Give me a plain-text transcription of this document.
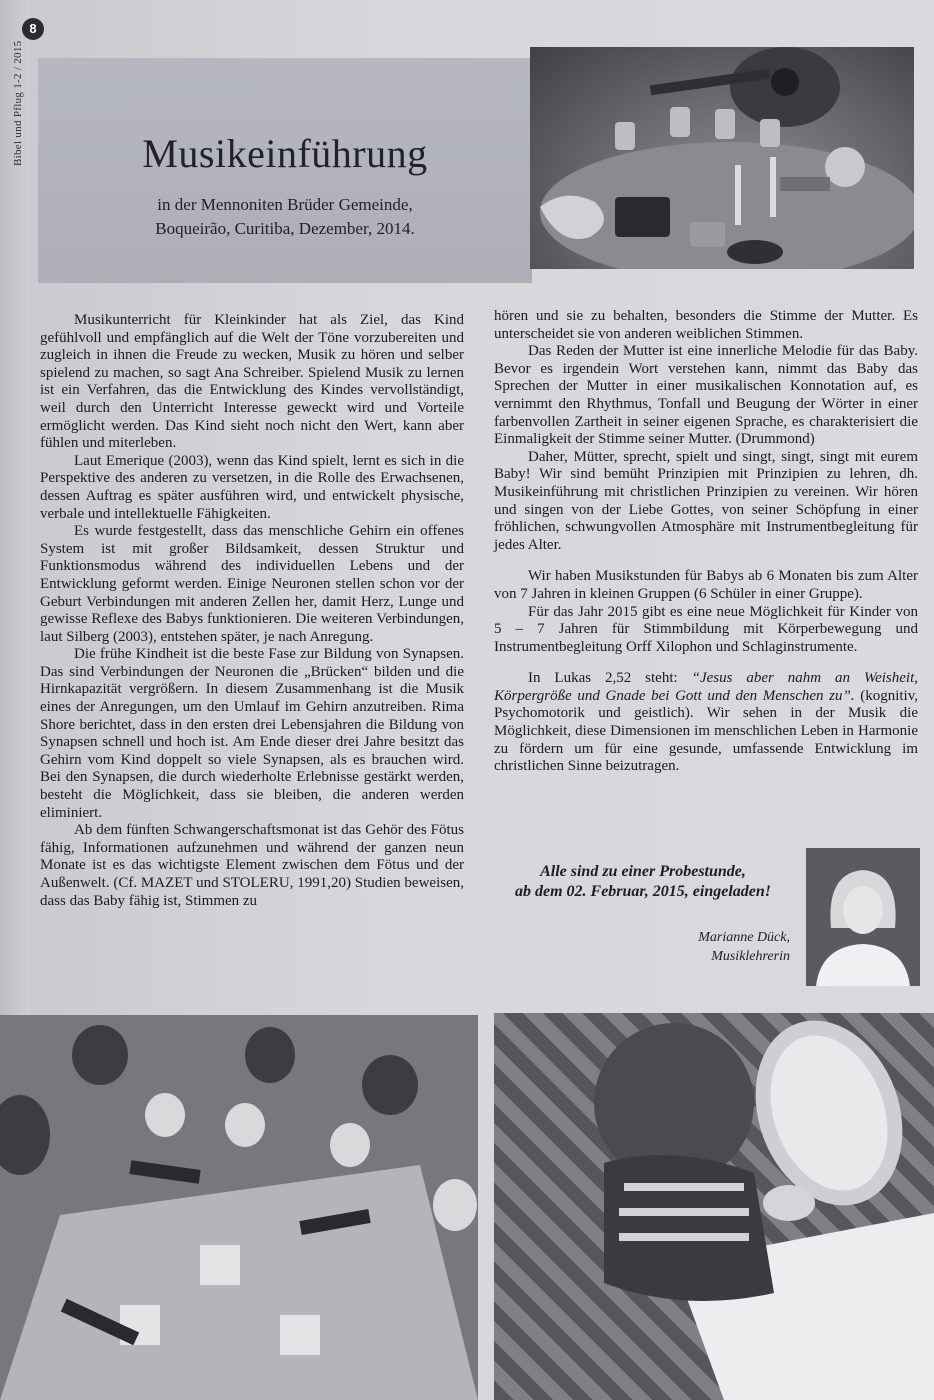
Bibel und Pflug 1-2 / 2015
8
Musikeinführung
in der Mennoniten Brüder Gemeinde,
Boqueirão, Curitiba, Dezember, 2014.

Musikunterricht für Kleinkinder hat als Ziel, das Kind gefühlvoll und empfänglich auf die Welt der Töne vorzubereiten und zugleich in ihnen die Freude zu wecken, Musik zu hören und selber spielend zu machen, so sagt Ana Schreiber. Spielend Musik zu lernen ist ein Verfahren, das die Entwicklung des Kindes vervollständigt, weil durch den Unterricht Interesse geweckt wird und Vorteile ermöglicht werden. Das Kind sieht noch nicht den Wert, kann aber fühlen und miterleben.

Laut Emerique (2003), wenn das Kind spielt, lernt es sich in die Perspektive des anderen zu versetzen, in die Rolle des Erwachsenen, dessen Auftrag es später ausführen wird, und entwickelt physische, verbale und intellektuelle Fähigkeiten.

Es wurde festgestellt, dass das menschliche Gehirn ein offenes System ist mit großer Bildsamkeit, dessen Struktur und Funktionsmodus während des individuellen Lebens und der Entwicklung geformt werden. Einige Neuronen stellen schon vor der Geburt Verbindungen mit anderen Zellen her, damit Herz, Lunge und gewisse Reflexe des Babys funktionieren. Die weiteren Verbindungen, laut Silberg (2003), entstehen später, je nach Anregung.

Die frühe Kindheit ist die beste Fase zur Bildung von Synapsen. Das sind Verbindungen der Neuronen die „Brücken“ bilden und die Hirnkapazität vergrößern. In diesem Zusammenhang ist die Musik eines der Anregungen, um den Umlauf im Gehirn anzutreiben. Rima Shore berichtet, dass in den ersten drei Lebensjahren die Bildung von Synapsen schnell und hoch ist. Am Ende dieser drei Jahre besitzt das Gehirn vom Kind doppelt so viele Synapsen, als es brauchen wird. Bei den Synapsen, die durch wiederholte Erlebnisse gestärkt werden, besteht die Möglichkeit, dass sie bleiben, die anderen werden eliminiert.

Ab dem fünften Schwangerschaftsmonat ist das Gehör des Fötus fähig, Informationen aufzunehmen und während der ganzen neun Monate ist es das wichtigste Element zwischen dem Fötus und der Außenwelt. (Cf. MAZET und STOLERU, 1991,20) Studien beweisen, dass das Baby fähig ist, Stimmen zu

hören und sie zu behalten, besonders die Stimme der Mutter. Es unterscheidet sie von anderen weiblichen Stimmen.

Das Reden der Mutter ist eine innerliche Melodie für das Baby. Bevor es irgendein Wort verstehen kann, nimmt das Baby das Sprechen der Mutter in einer musikalischen Konnotation auf, es vernimmt den Rhythmus, Tonfall und Beugung der Wörter in einer farbenvollen Zartheit in seiner eigenen Sprache, es charakterisiert die Einmaligkeit der Stimme seiner Mutter. (Drummond)

Daher, Mütter, sprecht, spielt und singt, singt, singt mit eurem Baby! Wir sind bemüht Prinzipien mit Prinzipien zu lehren, dh. Musikeinführung mit christlichen Prinzipien zu vereinen. Wir hören und singen von der Liebe Gottes, von seiner Schöpfung in einer fröhlichen, schwungvollen Atmosphäre mit Instrumentbegleitung für jedes Alter.

Wir haben Musikstunden für Babys ab 6 Monaten bis zum Alter von 7 Jahren in kleinen Gruppen (6 Schüler in einer Gruppe).

Für das Jahr 2015 gibt es eine neue Möglichkeit für Kinder von 5 – 7 Jahren für Stimmbildung mit Körperbewegung und Instrumentbegleitung Orff Xilophon und Schlaginstrumente.

In Lukas 2,52 steht: “Jesus aber nahm an Weisheit, Körpergröße und Gnade bei Gott und den Menschen zu”. (kognitiv, Psychomotorik und geistlich). Wir sehen in der Musik die Möglichkeit, diese Dimensionen im menschlichen Leben in Harmonie zu fördern um für eine gesunde, umfassende Entwicklung im christlichen Sinne beizutragen.

Alle sind zu einer Probestunde,
ab dem 02. Februar, 2015, eingeladen!
Marianne Dück,
Musiklehrerin
